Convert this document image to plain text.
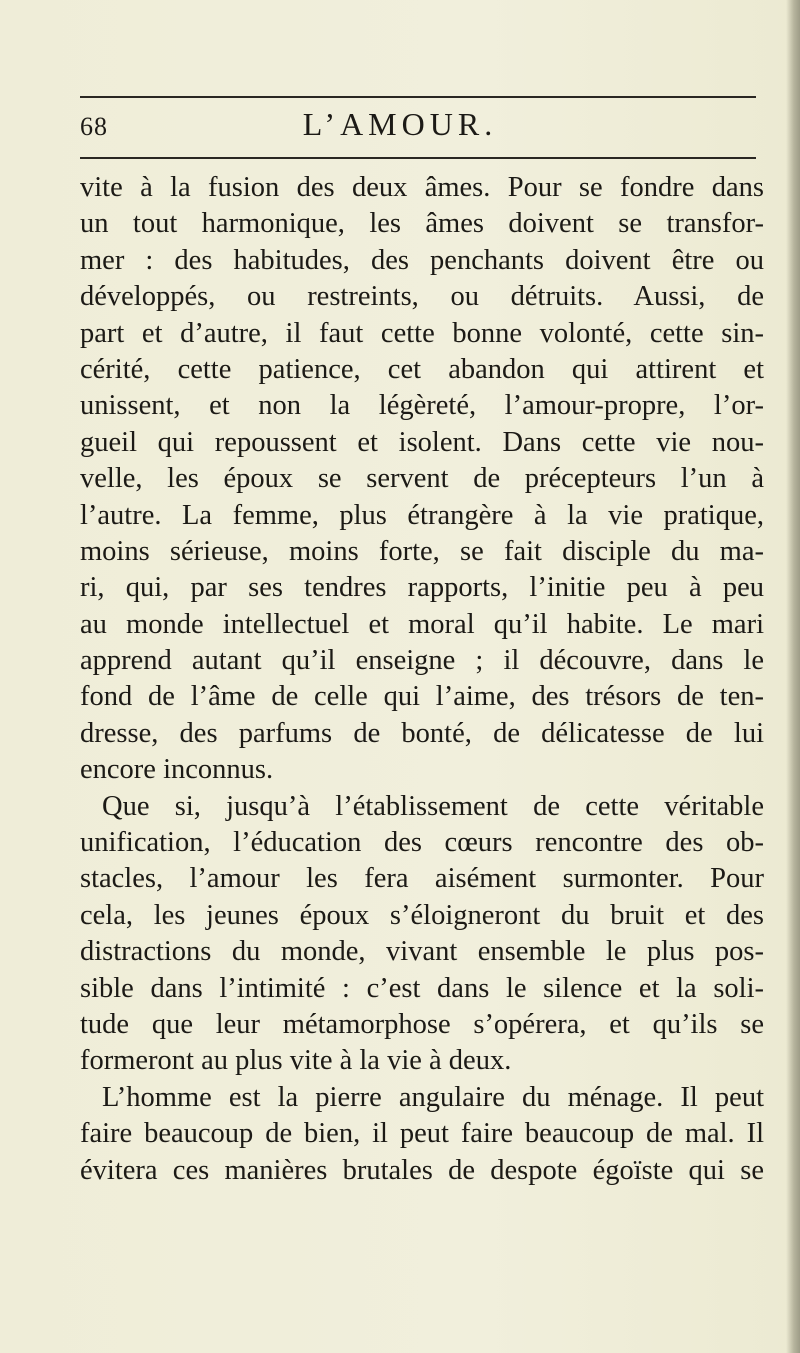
68	L’AMOUR.
vite à la fusion des deux âmes. Pour se fondre dans
un tout harmonique, les âmes doivent se transfor-
mer : des habitudes, des penchants doivent être ou
développés, ou restreints, ou détruits. Aussi, de
part et d’autre, il faut cette bonne volonté, cette sin-
cérité, cette patience, cet abandon qui attirent et
unissent, et non la légèreté, l’amour-propre, l’or-
gueil qui repoussent et isolent. Dans cette vie nou-
velle, les époux se servent de précepteurs l’un à
l’autre. La femme, plus étrangère à la vie pratique,
moins sérieuse, moins forte, se fait disciple du ma-
ri, qui, par ses tendres rapports, l’initie peu à peu
au monde intellectuel et moral qu’il habite. Le mari
apprend autant qu’il enseigne ; il découvre, dans le
fond de l’âme de celle qui l’aime, des trésors de ten-
dresse, des parfums de bonté, de délicatesse de lui
encore inconnus.
Que si, jusqu’à l’établissement de cette véritable
unification, l’éducation des cœurs rencontre des ob-
stacles, l’amour les fera aisément surmonter. Pour
cela, les jeunes époux s’éloigneront du bruit et des
distractions du monde, vivant ensemble le plus pos-
sible dans l’intimité : c’est dans le silence et la soli-
tude que leur métamorphose s’opérera, et qu’ils se
formeront au plus vite à la vie à deux.
L’homme est la pierre angulaire du ménage. Il peut
faire beaucoup de bien, il peut faire beaucoup de mal. Il
évitera ces manières brutales de despote égoïste qui se
